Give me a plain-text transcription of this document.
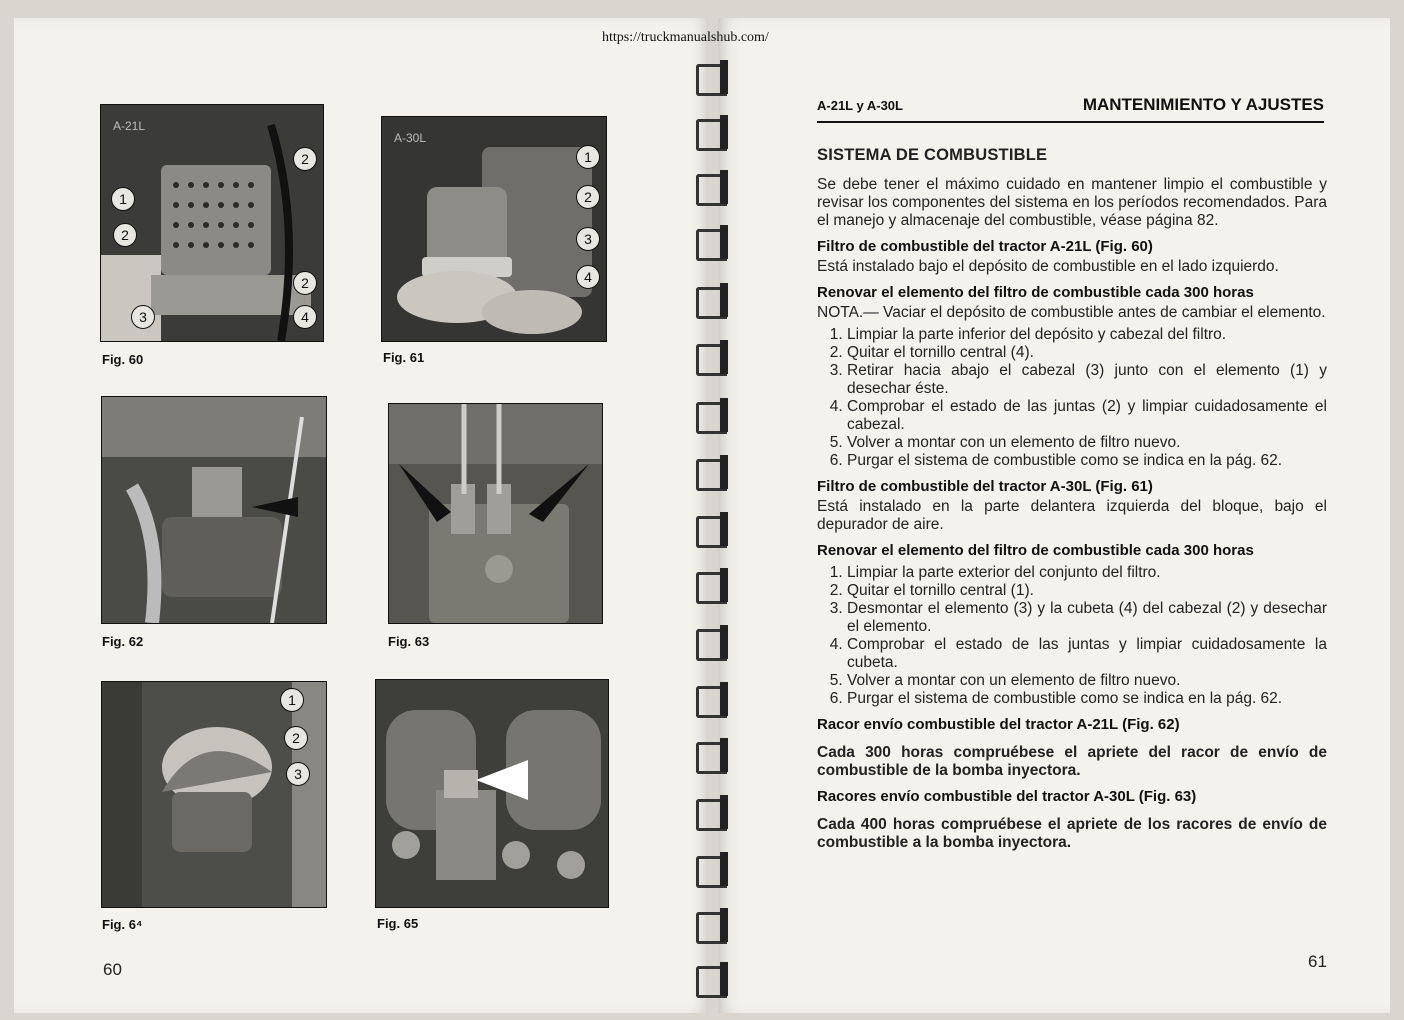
https://truckmanualshub.com/
A-21L
2
1
2
2
3	4
Fig. 60
A-30L
1
2
3
4
Fig. 61
Fig. 62	Fig. 63
1
2
3
Fig. 6⁴	Fig. 65
60
A-21L y A-30L	MANTENIMIENTO Y AJUSTES
SISTEMA DE COMBUSTIBLE

Se debe tener el máximo cuidado en mantener limpio el combustible y revisar los componentes del sistema en los períodos recomendados. Para el manejo y almacenaje del combustible, véase página 82.

Filtro de combustible del tractor A-21L (Fig. 60)

Está instalado bajo el depósito de combustible en el lado izquierdo.

Renovar el elemento del filtro de combustible cada 300 horas

NOTA.— Vaciar el depósito de combustible antes de cambiar el elemento.

1. Limpiar la parte inferior del depósito y cabezal del filtro.
2. Quitar el tornillo central (4).
3. Retirar hacia abajo el cabezal (3) junto con el elemento (1) y desechar éste.
4. Comprobar el estado de las juntas (2) y limpiar cuidadosamente el cabezal.
5. Volver a montar con un elemento de filtro nuevo.
6. Purgar el sistema de combustible como se indica en la pág. 62.
Filtro de combustible del tractor A-30L (Fig. 61)

Está instalado en la parte delantera izquierda del bloque, bajo el depurador de aire.

Renovar el elemento del filtro de combustible cada 300 horas
1. Limpiar la parte exterior del conjunto del filtro.
2. Quitar el tornillo central (1).
3. Desmontar el elemento (3) y la cubeta (4) del cabezal (2) y desechar el elemento.
4. Comprobar el estado de las juntas y limpiar cuidadosamente la cubeta.
5. Volver a montar con un elemento de filtro nuevo.
6. Purgar el sistema de combustible como se indica en la pág. 62.
Racor envío combustible del tractor A-21L (Fig. 62)

Cada 300 horas compruébese el apriete del racor de envío de combustible de la bomba inyectora.

Racores envío combustible del tractor A-30L (Fig. 63)

Cada 400 horas compruébese el apriete de los racores de envío de combustible a la bomba inyectora.

61
